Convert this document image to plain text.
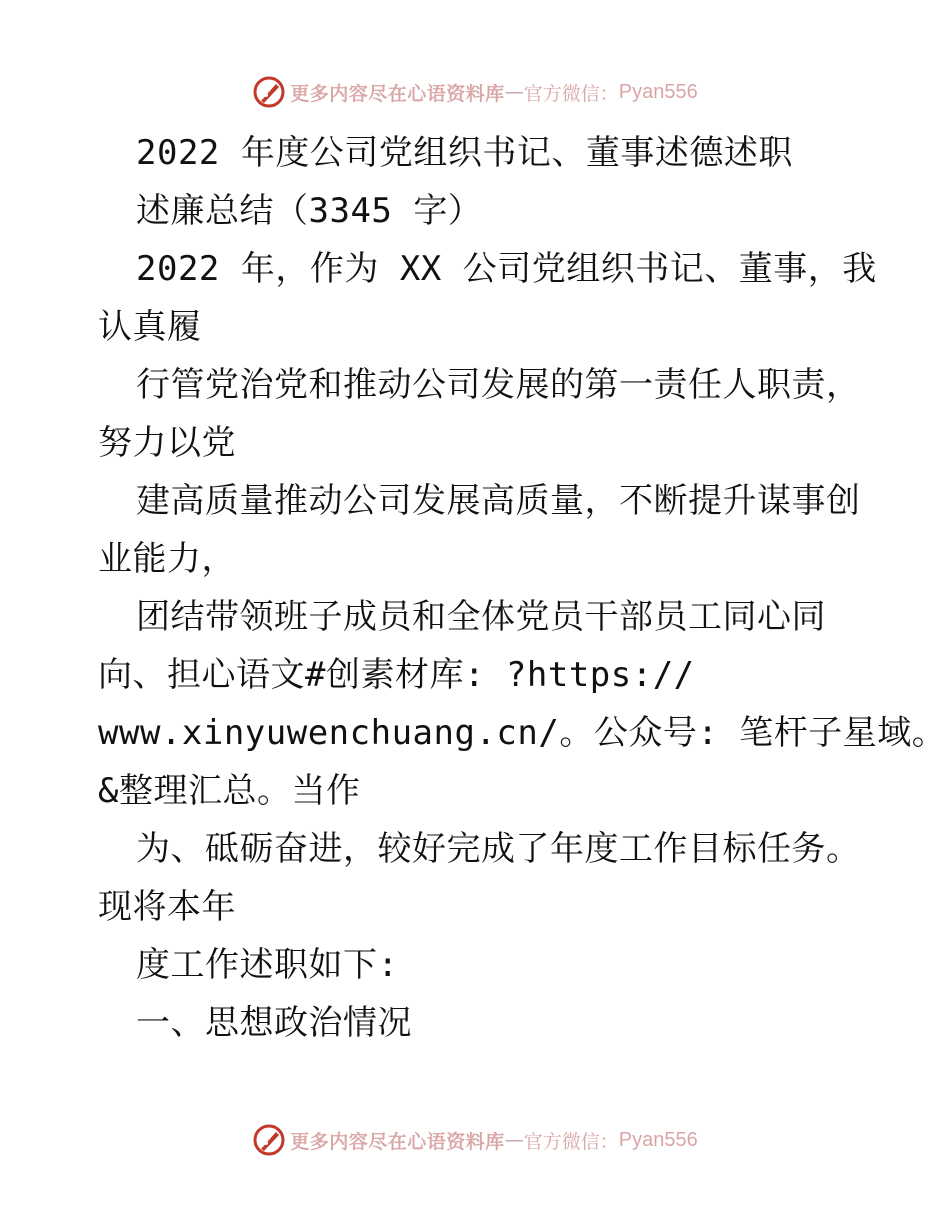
更多内容尽在心语资料库 — 官方微信： Pyan556

2022 年度公司党组织书记、董事述德述职

述廉总结（3345 字）

2022 年，作为 XX 公司党组织书记、董事，我

认真履

行管党治党和推动公司发展的第一责任人职责，

努力以党

建高质量推动公司发展高质量，不断提升谋事创

业能力，

团结带领班子成员和全体党员干部员工同心同

向、担心语文#创素材库: ?https://

www.xinyuwenchuang.cn/。公众号: 笔杆子星域。

&整理汇总。当作

为、砥砺奋进，较好完成了年度工作目标任务。

现将本年

度工作述职如下:

一、思想政治情况

更多内容尽在心语资料库 — 官方微信： Pyan556
